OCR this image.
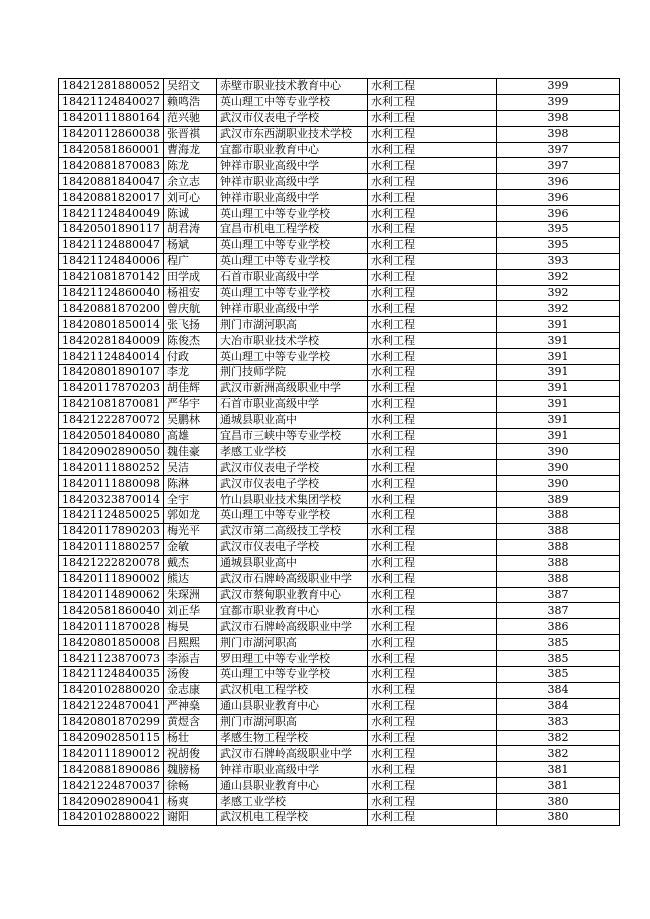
18421281880052	吴绍文	赤壁市职业技术教育中心	水利工程	399
18421124840027	赖鸣浩	英山理工中等专业学校	水利工程	399
18420111880164	范兴驰	武汉市仪表电子学校	水利工程	398
18420112860038	张晋祺	武汉市东西湖职业技术学校	水利工程	398
18420581860001	曹海龙	宜都市职业教育中心	水利工程	397
18420881870083	陈龙	钟祥市职业高级中学	水利工程	397
18420881840047	余立志	钟祥市职业高级中学	水利工程	396
18420881820017	刘可心	钟祥市职业高级中学	水利工程	396
18421124840049	陈诚	英山理工中等专业学校	水利工程	396
18420501890117	胡君涛	宜昌市机电工程学校	水利工程	395
18421124880047	杨斌	英山理工中等专业学校	水利工程	395
18421124840006	程广	英山理工中等专业学校	水利工程	393
18421081870142	田学成	石首市职业高级中学	水利工程	392
18421124860040	杨祖安	英山理工中等专业学校	水利工程	392
18420881870200	曾庆航	钟祥市职业高级中学	水利工程	392
18420801850014	张飞扬	荆门市湖河职高	水利工程	391
18420281840009	陈俊杰	大冶市职业技术学校	水利工程	391
18421124840014	付政	英山理工中等专业学校	水利工程	391
18420801890107	李龙	荆门技师学院	水利工程	391
18420117870203	胡佳辉	武汉市新洲高级职业中学	水利工程	391
18421081870081	严华宇	石首市职业高级中学	水利工程	391
18421222870072	吴鹏林	通城县职业高中	水利工程	391
18420501840080	高雄	宜昌市三峡中等专业学校	水利工程	391
18420902890050	魏佳豪	孝感工业学校	水利工程	390
18420111880252	吴洁	武汉市仪表电子学校	水利工程	390
18420111880098	陈淋	武汉市仪表电子学校	水利工程	390
18420323870014	全宇	竹山县职业技术集团学校	水利工程	389
18421124850025	郭如龙	英山理工中等专业学校	水利工程	388
18420117890203	梅光平	武汉市第二高级技工学校	水利工程	388
18420111880257	金敏	武汉市仪表电子学校	水利工程	388
18421222820078	戴杰	通城县职业高中	水利工程	388
18420111890002	熊达	武汉市石牌岭高级职业中学	水利工程	388
18420114890062	朱琛洲	武汉市蔡甸职业教育中心	水利工程	387
18420581860040	刘正华	宜都市职业教育中心	水利工程	387
18420111870028	梅昊	武汉市石牌岭高级职业中学	水利工程	386
18420801850008	吕熙熙	荆门市湖河职高	水利工程	385
18421123870073	李添吉	罗田理工中等专业学校	水利工程	385
18421124840035	汤俊	英山理工中等专业学校	水利工程	385
18420102880020	金志康	武汉机电工程学校	水利工程	384
18421224870041	严神燊	通山县职业教育中心	水利工程	384
18420801870299	黄煜含	荆门市湖河职高	水利工程	383
18420902850115	杨壮	孝感生物工程学校	水利工程	382
18420111890012	祝胡俊	武汉市石牌岭高级职业中学	水利工程	382
18420881890086	魏膀杨	钟祥市职业高级中学	水利工程	381
18421224870037	徐畅	通山县职业教育中心	水利工程	381
18420902890041	杨爽	孝感工业学校	水利工程	380
18420102880022	谢阳	武汉机电工程学校	水利工程	380
